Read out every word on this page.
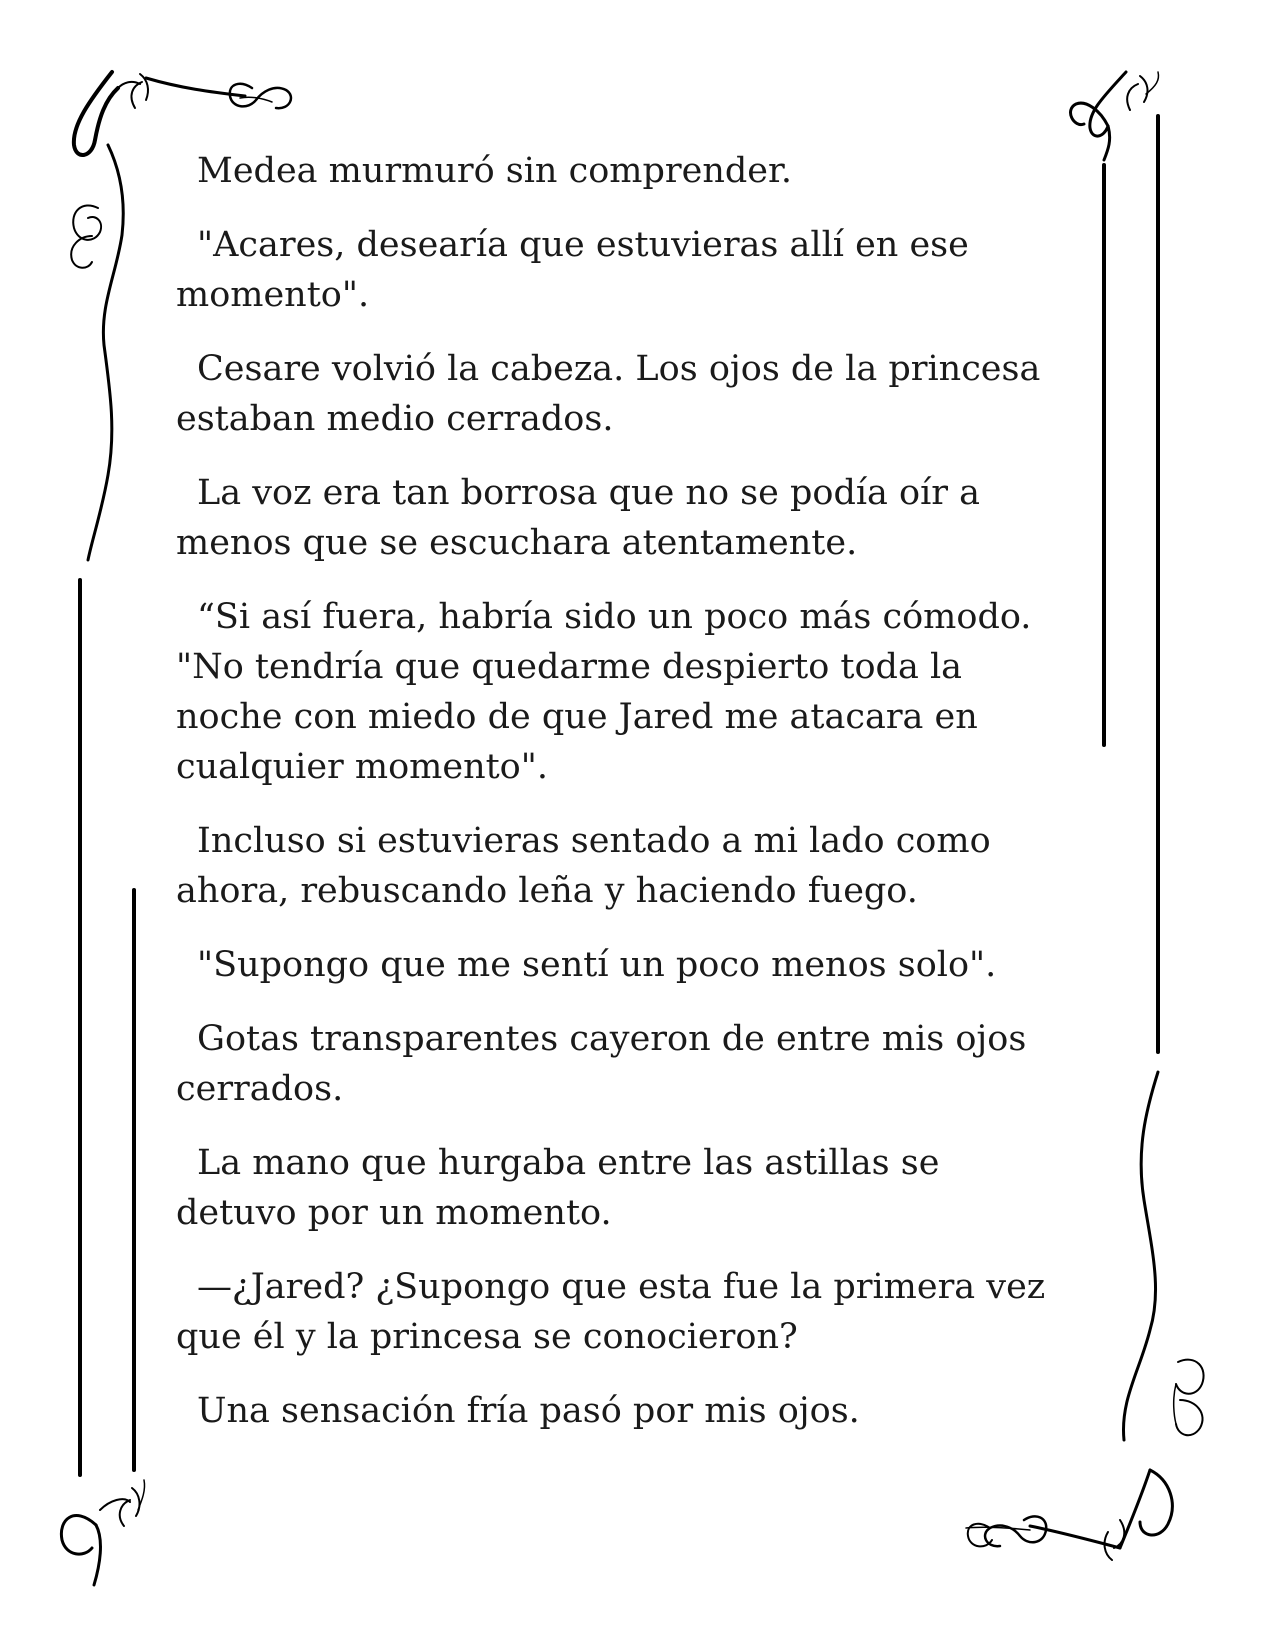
Medea murmuró sin comprender.

"Acares, desearía que estuvieras allí en ese momento".

Cesare volvió la cabeza. Los ojos de la princesa estaban medio cerrados.

La voz era tan borrosa que no se podía oír a menos que se escuchara atentamente.

“Si así fuera, habría sido un poco más cómodo. "No tendría que quedarme despierto toda la noche con miedo de que Jared me atacara en cualquier momento".

Incluso si estuvieras sentado a mi lado como ahora, rebuscando leña y haciendo fuego.

"Supongo que me sentí un poco menos solo".

Gotas transparentes cayeron de entre mis ojos cerrados.

La mano que hurgaba entre las astillas se detuvo por un momento.

—¿Jared? ¿Supongo que esta fue la primera vez que él y la princesa se conocieron?

Una sensación fría pasó por mis ojos.
